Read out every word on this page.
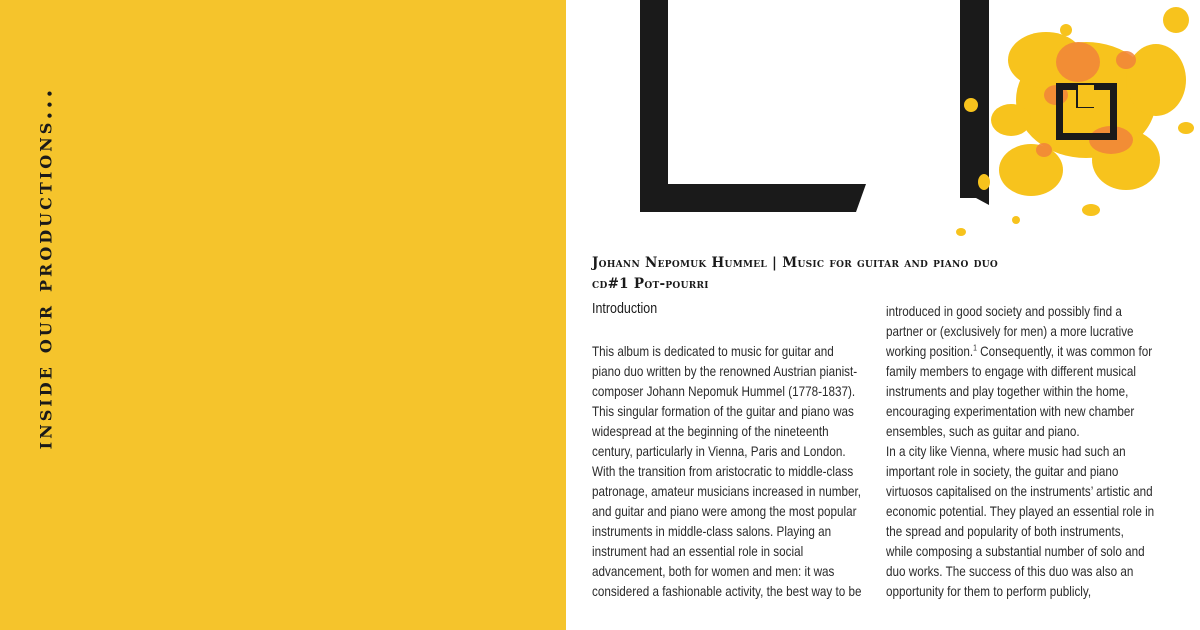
inside our productions...	Johann Nepomuk Hummel | Music for guitar and piano duo
cd#1 Pot-pourri
Introduction
This album is dedicated to music for guitar and
piano duo written by the renowned Austrian pianist-
composer Johann Nepomuk Hummel (1778-1837).
This singular formation of the guitar and piano was
widespread at the beginning of the nineteenth
century, particularly in Vienna, Paris and London.
With the transition from aristocratic to middle-class
patronage, amateur musicians increased in number,
and guitar and piano were among the most popular
instruments in middle-class salons. Playing an
instrument had an essential role in social
advancement, both for women and men: it was
considered a fashionable activity, the best way to be
introduced in good society and possibly find a
partner or (exclusively for men) a more lucrative
working position.$^1$ Consequently, it was common for
family members to engage with different musical
instruments and play together within the home,
encouraging experimentation with new chamber
ensembles, such as guitar and piano.
In a city like Vienna, where music had such an
important role in society, the guitar and piano
virtuosos capitalised on the instruments’ artistic and
economic potential. They played an essential role in
the spread and popularity of both instruments,
while composing a substantial number of solo and
duo works. The success of this duo was also an
opportunity for them to perform publicly,
